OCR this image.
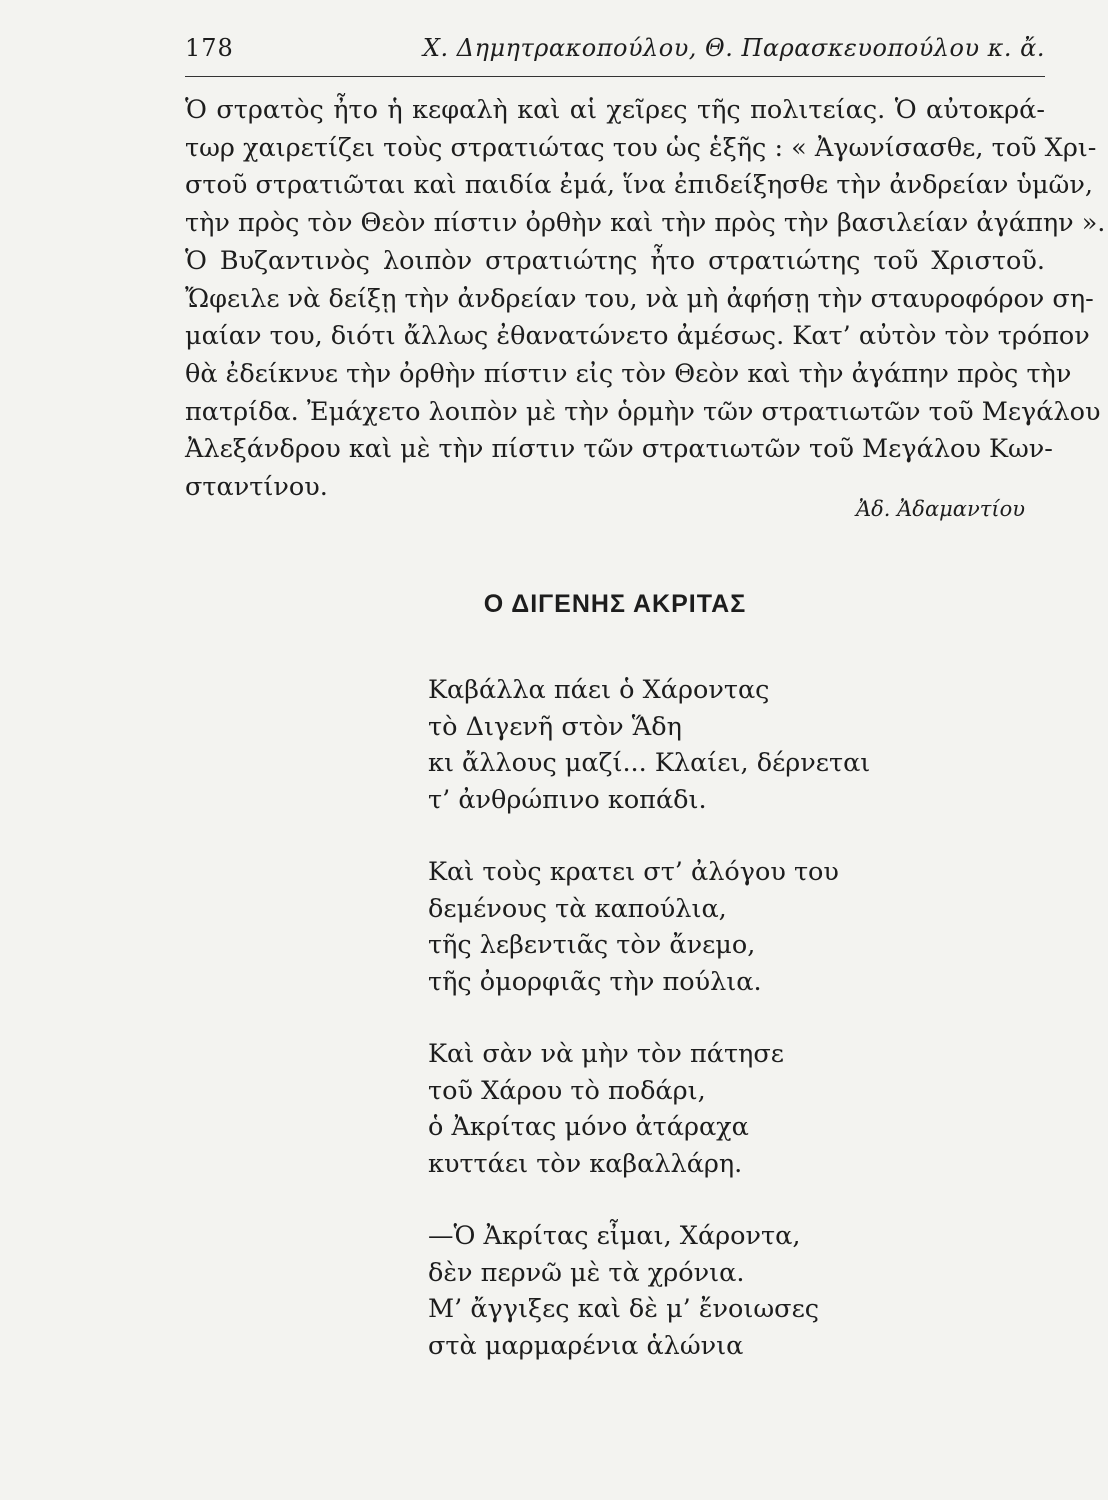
178	Χ. Δημητρακοπούλου, Θ. Παρασκευοπούλου κ. ἄ.
Ὁ στρατὸς ἦτο ἡ κεφαλὴ καὶ αἱ χεῖρες τῆς πολιτείας. Ὁ αὐτοκρά-
τωρ χαιρετίζει τοὺς στρατιώτας του ὡς ἑξῆς : « Ἀγωνίσασθε, τοῦ Χρι-
στοῦ στρατιῶται καὶ παιδία ἐμά, ἵνα ἐπιδείξησθε τὴν ἀνδρείαν ὑμῶν,
τὴν πρὸς τὸν Θεὸν πίστιν ὀρθὴν καὶ τὴν πρὸς τὴν βασιλείαν ἀγάπην ».
Ὁ Βυζαντινὸς λοιπὸν στρατιώτης ἦτο στρατιώτης τοῦ Χριστοῦ.
Ὤφειλε νὰ δείξῃ τὴν ἀνδρείαν του, νὰ μὴ ἀφήσῃ τὴν σταυροφόρον ση-
μαίαν του, διότι ἄλλως ἐθανατώνετο ἀμέσως. Κατ’ αὐτὸν τὸν τρόπον
θὰ ἐδείκνυε τὴν ὀρθὴν πίστιν εἰς τὸν Θεὸν καὶ τὴν ἀγάπην πρὸς τὴν
πατρίδα. Ἐμάχετο λοιπὸν μὲ τὴν ὁρμὴν τῶν στρατιωτῶν τοῦ Μεγάλου
Ἀλεξάνδρου καὶ μὲ τὴν πίστιν τῶν στρατιωτῶν τοῦ Μεγάλου Κων-
σταντίνου.
Ἀδ. Ἀδαμαντίου
Ο ΔΙΓΕΝΗΣ ΑΚΡΙΤΑΣ
Καβάλλα πάει ὁ Χάροντας
τὸ Διγενῆ στὸν Ἅδη
κι ἄλλους μαζί... Κλαίει, δέρνεται
τ’ ἀνθρώπινο κοπάδι.
Καὶ τοὺς κρατει στ’ ἀλόγου του
δεμένους τὰ καπούλια,
τῆς λεβεντιᾶς τὸν ἄνεμο,
τῆς ὀμορφιᾶς τὴν πούλια.
Καὶ σὰν νὰ μὴν τὸν πάτησε
τοῦ Χάρου τὸ ποδάρι,
ὁ Ἀκρίτας μόνο ἀτάραχα
κυττάει τὸν καβαλλάρη.
—Ὁ Ἀκρίτας εἶμαι, Χάροντα,
δὲν περνῶ μὲ τὰ χρόνια.
Μ’ ἄγγιξες καὶ δὲ μ’ ἔνοιωσες
στὰ μαρμαρένια ἁλώνια
